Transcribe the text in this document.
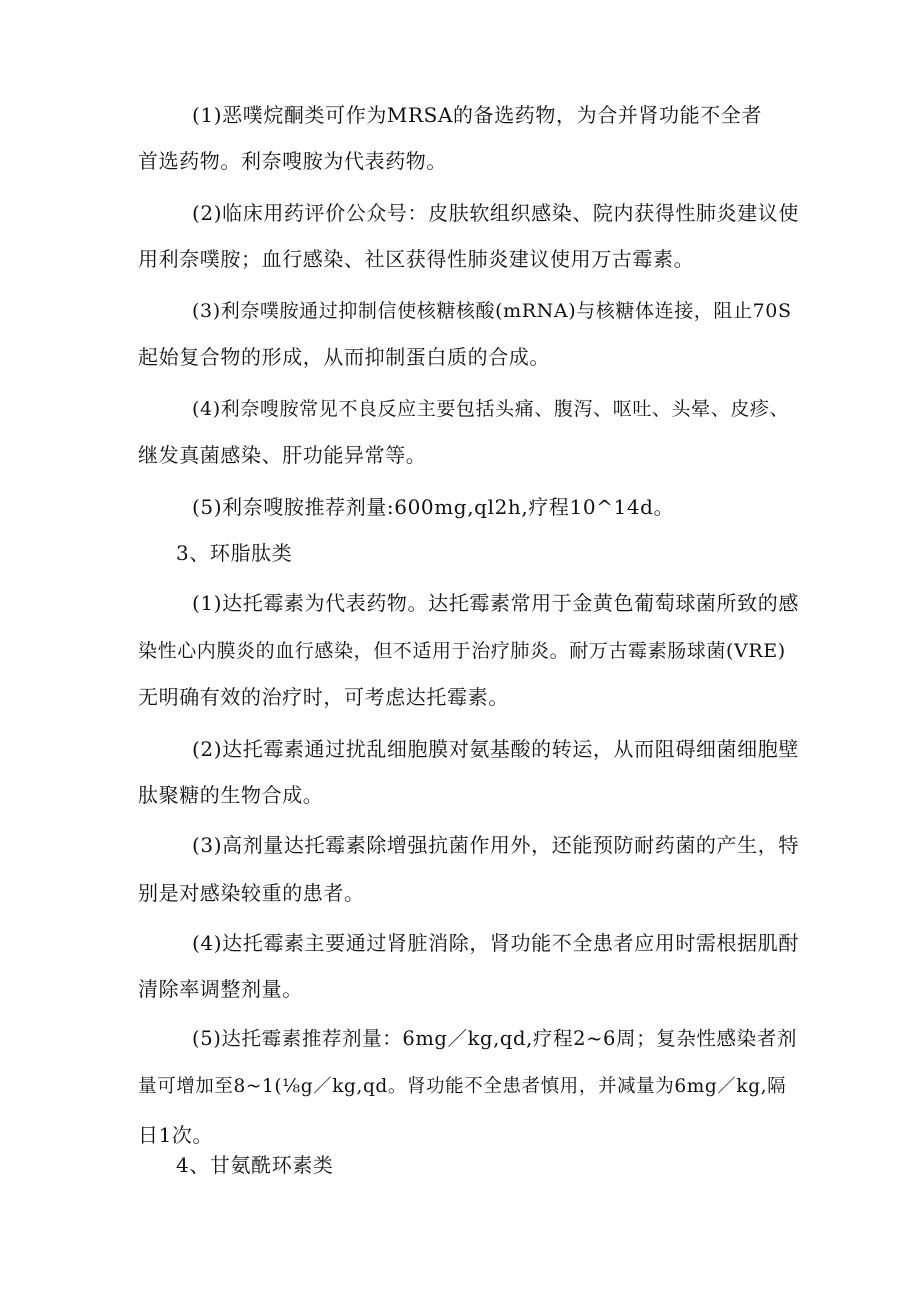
(1)恶噗烷酮类可作为MRSA的备选药物，为合并肾功能不全者
首选药物。利奈嗖胺为代表药物。
(2)临床用药评价公众号：皮肤软组织感染、院内获得性肺炎建议使
用利奈噗胺；血行感染、社区获得性肺炎建议使用万古霉素。
(3)利奈噗胺通过抑制信使核糖核酸(mRNA)与核糖体连接，阻止70S
起始复合物的形成，从而抑制蛋白质的合成。
(4)利奈嗖胺常见不良反应主要包括头痛、腹泻、呕吐、头晕、皮疹、
继发真菌感染、肝功能异常等。
(5)利奈嗖胺推荐剂量:600mg,ql2h,疗程10^14d。
3、环脂肽类
(1)达托霉素为代表药物。达托霉素常用于金黄色葡萄球菌所致的感
染性心内膜炎的血行感染，但不适用于治疗肺炎。耐万古霉素肠球菌(VRE)
无明确有效的治疗时，可考虑达托霉素。
(2)达托霉素通过扰乱细胞膜对氨基酸的转运，从而阻碍细菌细胞壁
肽聚糖的生物合成。
(3)高剂量达托霉素除增强抗菌作用外，还能预防耐药菌的产生，特
别是对感染较重的患者。
(4)达托霉素主要通过肾脏消除，肾功能不全患者应用时需根据肌酎
清除率调整剂量。
(5)达托霉素推荐剂量：6mg／kg,qd,疗程2~6周；复杂性感染者剂
量可增加至8~1(⅛g／kg,qd。肾功能不全患者慎用，并减量为6mg／kg,隔
日1次。
4、甘氨酰环素类
